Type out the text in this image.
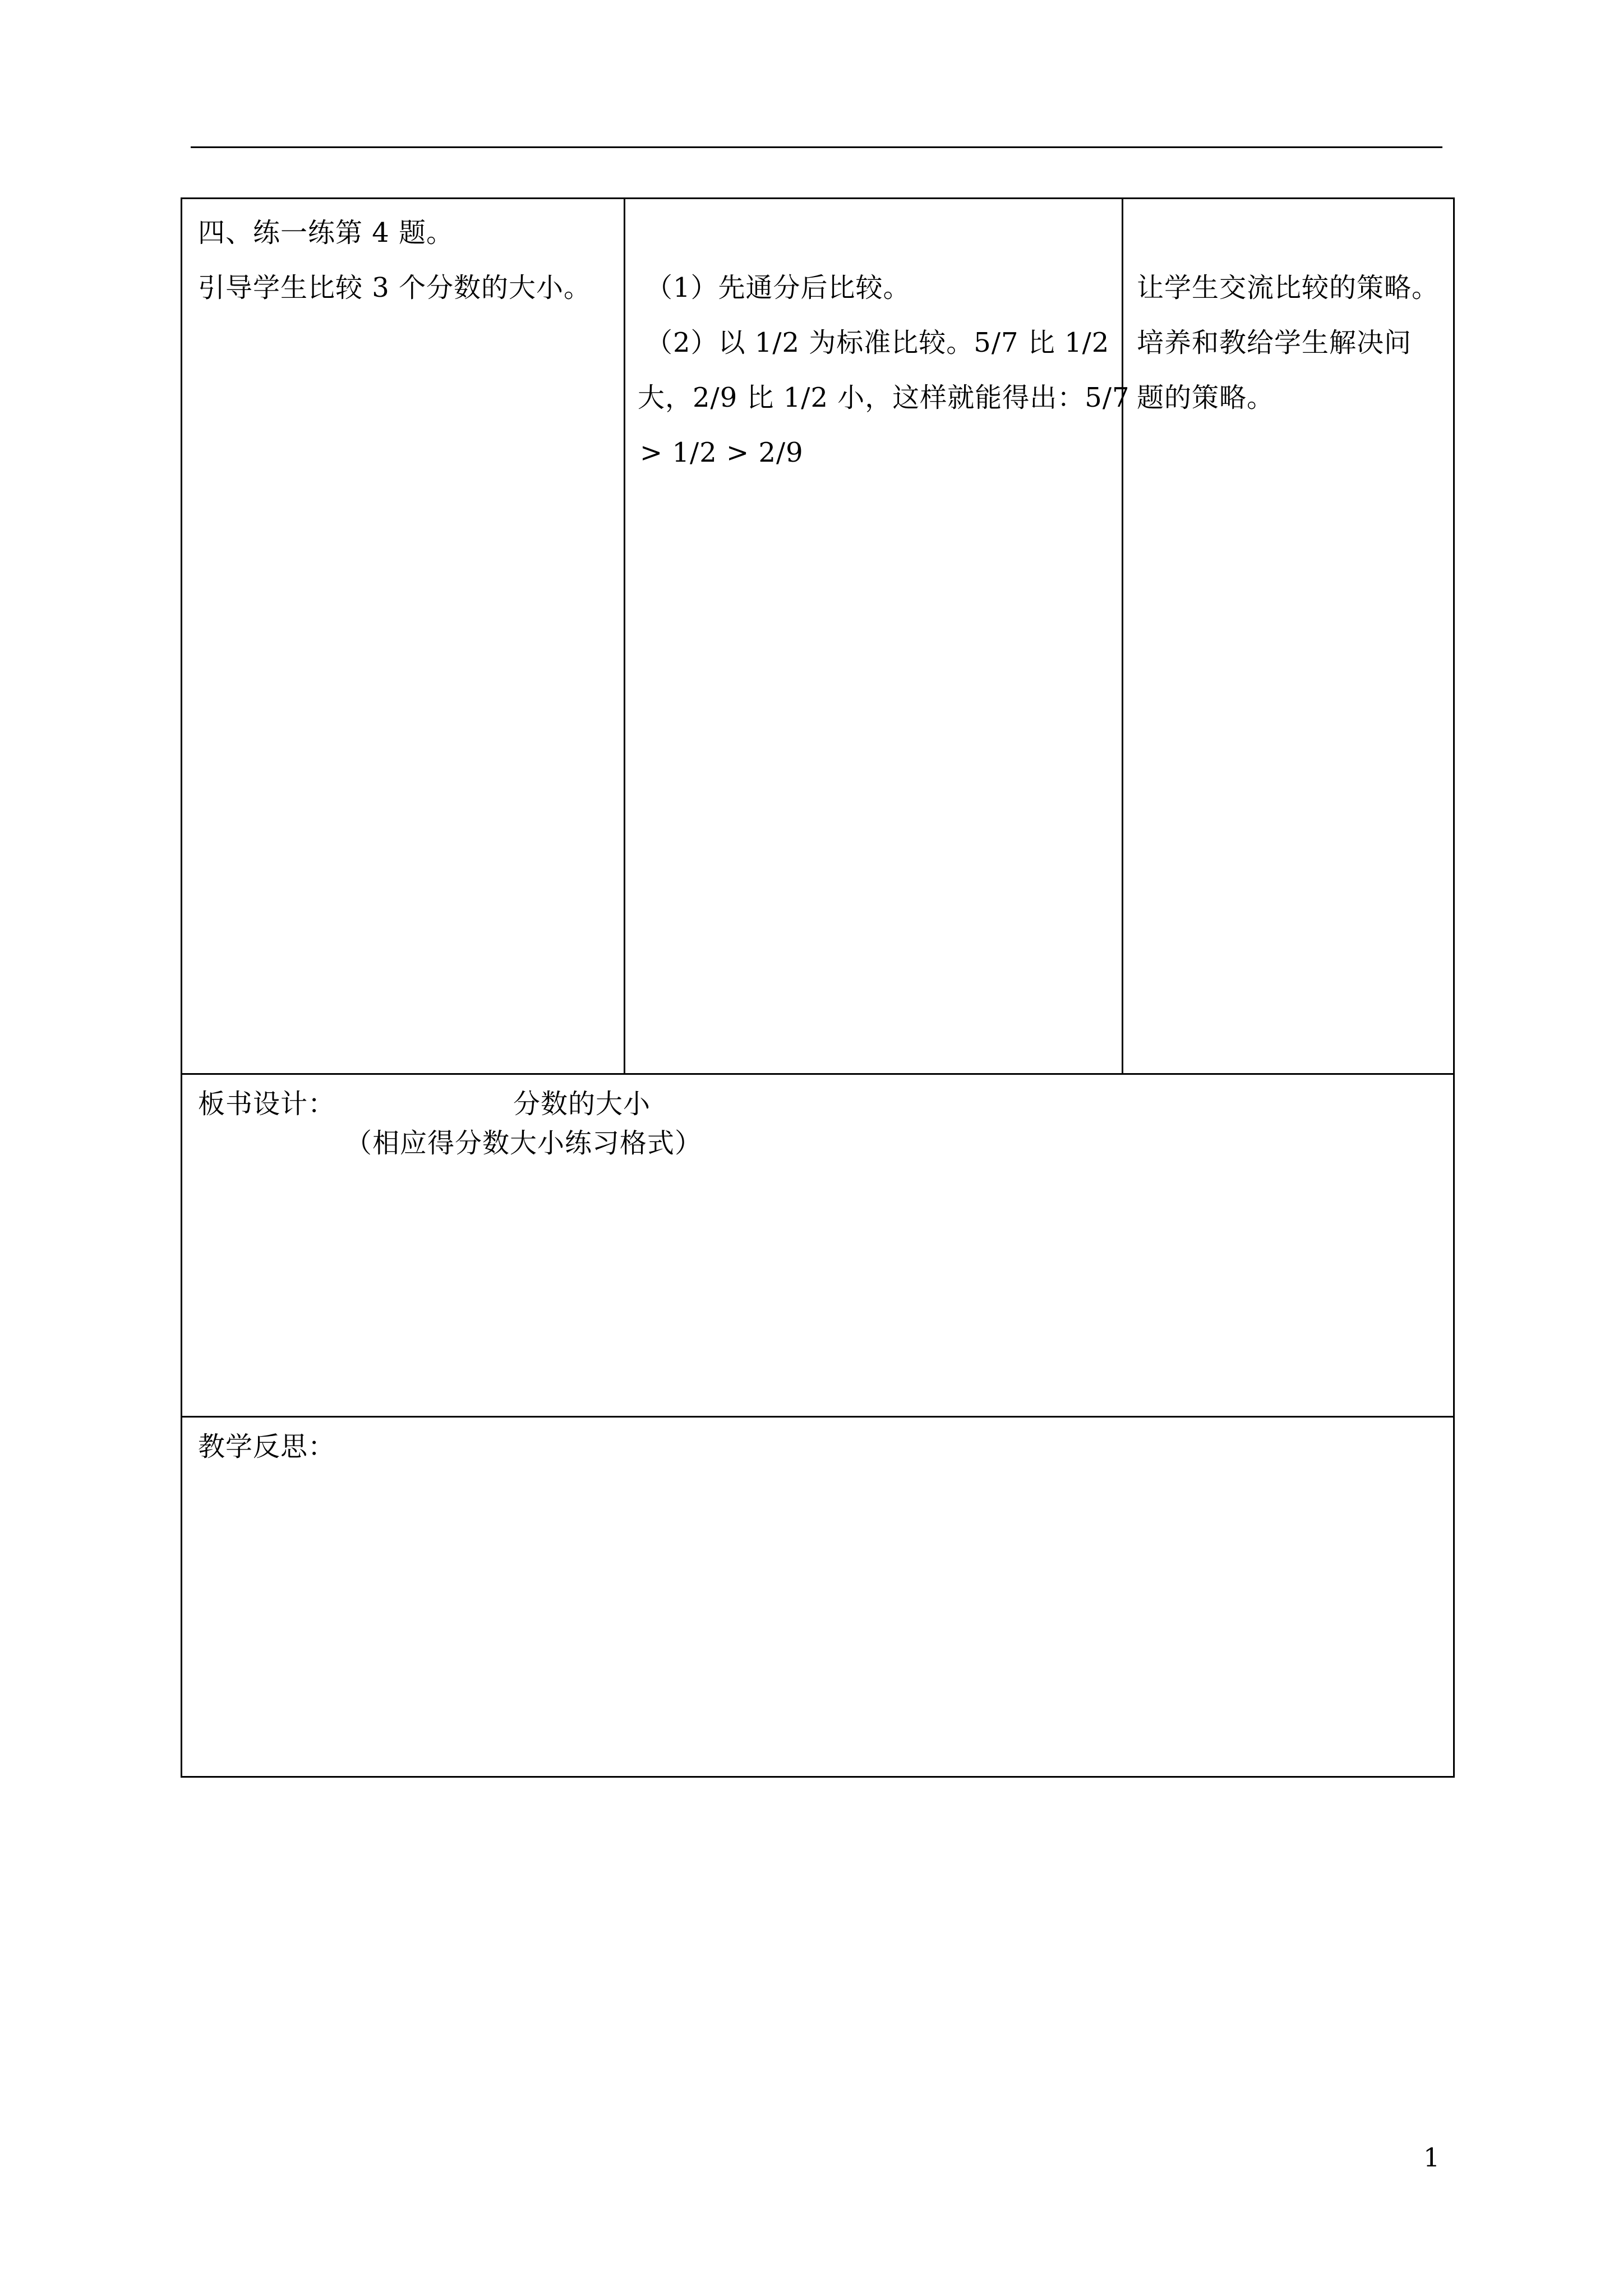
四、练一练第 4 题。
引导学生比较 3 个分数的大小。 （1）先通分后比较。
（2）以 1/2 为标准比较。5/7 比 1/2
大，2/9 比 1/2 小，这样就能得出：5/7
> 1/2 > 2/9
让学生交流比较的策略。
培养和教给学生解决问
题的策略。
板书设计：	分数的大小
（相应得分数大小练习格式）
教学反思：
1
